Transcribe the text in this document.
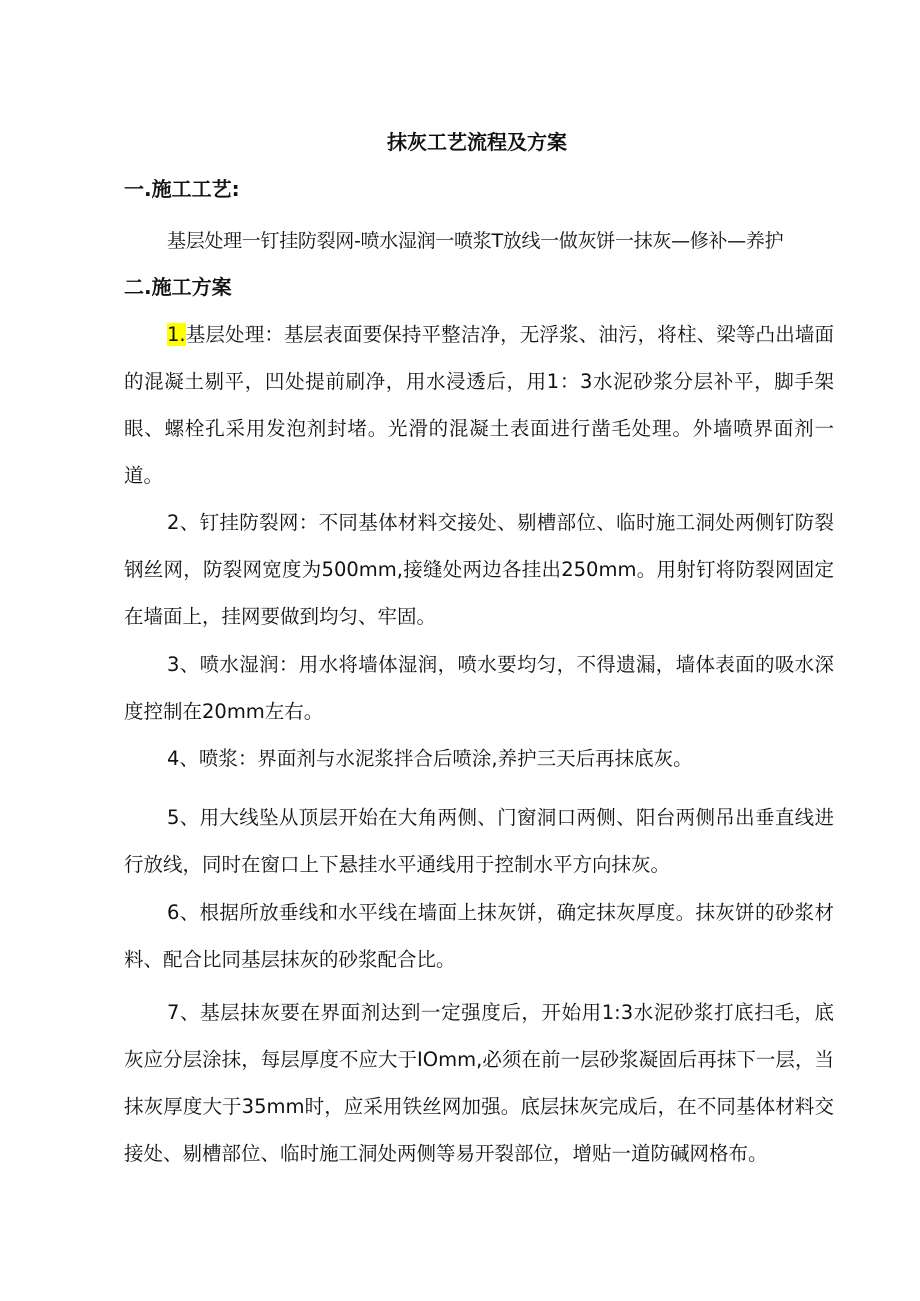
抹灰工艺流程及方案
一.施工工艺:
基层处理一钉挂防裂网-喷水湿润一喷浆T放线一做灰饼一抹灰—修补—养护
二.施工方案

1.基层处理：基层表面要保持平整洁净，无浮浆、油污，将柱、梁等凸出墙面的混凝土剔平，凹处提前刷净，用水浸透后，用1：3水泥砂浆分层补平，脚手架眼、螺栓孔采用发泡剂封堵。光滑的混凝土表面进行凿毛处理。外墙喷界面剂一道。

2、钉挂防裂网：不同基体材料交接处、剔槽部位、临时施工洞处两侧钉防裂钢丝网，防裂网宽度为500mm,接缝处两边各挂出250mm。用射钉将防裂网固定在墙面上，挂网要做到均匀、牢固。

3、喷水湿润：用水将墙体湿润，喷水要均匀，不得遗漏，墙体表面的吸水深度控制在20mm左右。

4、喷浆：界面剂与水泥浆拌合后喷涂,养护三天后再抹底灰。

5、用大线坠从顶层开始在大角两侧、门窗洞口两侧、阳台两侧吊出垂直线进行放线，同时在窗口上下悬挂水平通线用于控制水平方向抹灰。

6、根据所放垂线和水平线在墙面上抹灰饼，确定抹灰厚度。抹灰饼的砂浆材料、配合比同基层抹灰的砂浆配合比。

7、基层抹灰要在界面剂达到一定强度后，开始用1:3水泥砂浆打底扫毛，底灰应分层涂抹，每层厚度不应大于IOmm,必须在前一层砂浆凝固后再抹下一层，当抹灰厚度大于35mm时，应采用铁丝网加强。底层抹灰完成后，在不同基体材料交接处、剔槽部位、临时施工洞处两侧等易开裂部位，增贴一道防碱网格布。
